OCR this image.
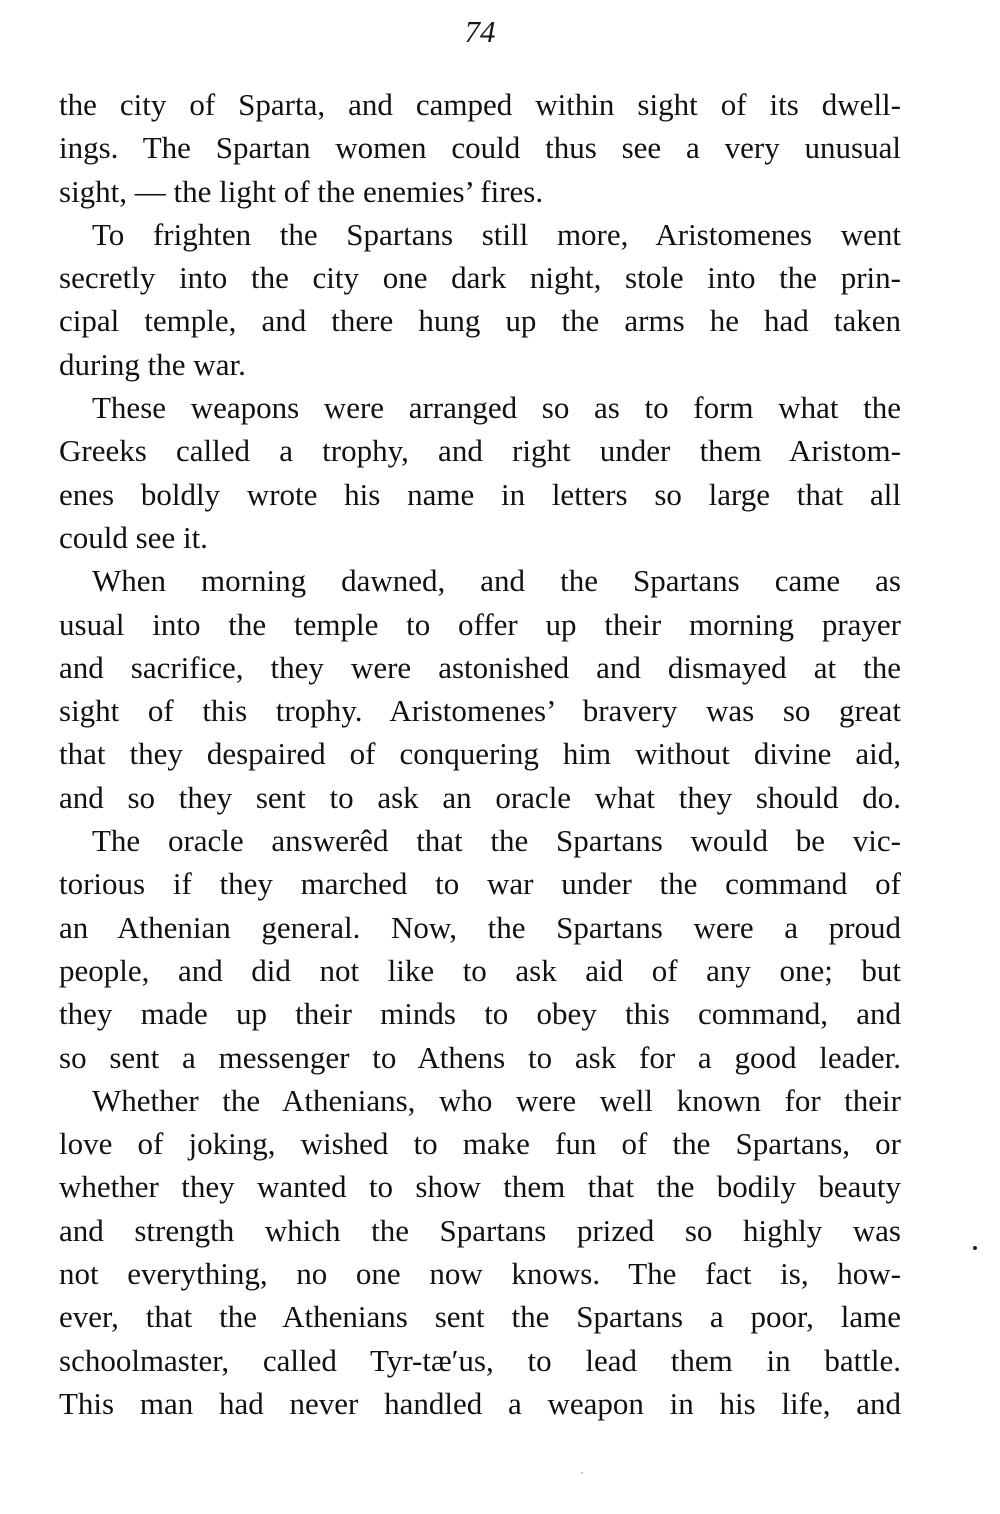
74
the city of Sparta, and camped within sight of its dwell-
ings. The Spartan women could thus see a very unusual
sight, — the light of the enemies’ fires.
To frighten the Spartans still more, Aristomenes went
secretly into the city one dark night, stole into the prin-
cipal temple, and there hung up the arms he had taken
during the war.
These weapons were arranged so as to form what the
Greeks called a trophy, and right under them Aristom-
enes boldly wrote his name in letters so large that all
could see it.
When morning dawned, and the Spartans came as
usual into the temple to offer up their morning prayer
and sacrifice, they were astonished and dismayed at the
sight of this trophy. Aristomenes’ bravery was so great
that they despaired of conquering him without divine aid,
and so they sent to ask an oracle what they should do.
The oracle answerêd that the Spartans would be vic-
torious if they marched to war under the command of
an Athenian general. Now, the Spartans were a proud
people, and did not like to ask aid of any one; but
they made up their minds to obey this command, and
so sent a messenger to Athens to ask for a good leader.
Whether the Athenians, who were well known for their
love of joking, wished to make fun of the Spartans, or
whether they wanted to show them that the bodily beauty
and strength which the Spartans prized so highly was
not everything, no one now knows. The fact is, how-
ever, that the Athenians sent the Spartans a poor, lame
schoolmaster, called Tyr-tæ′us, to lead them in battle.
This man had never handled a weapon in his life, and
